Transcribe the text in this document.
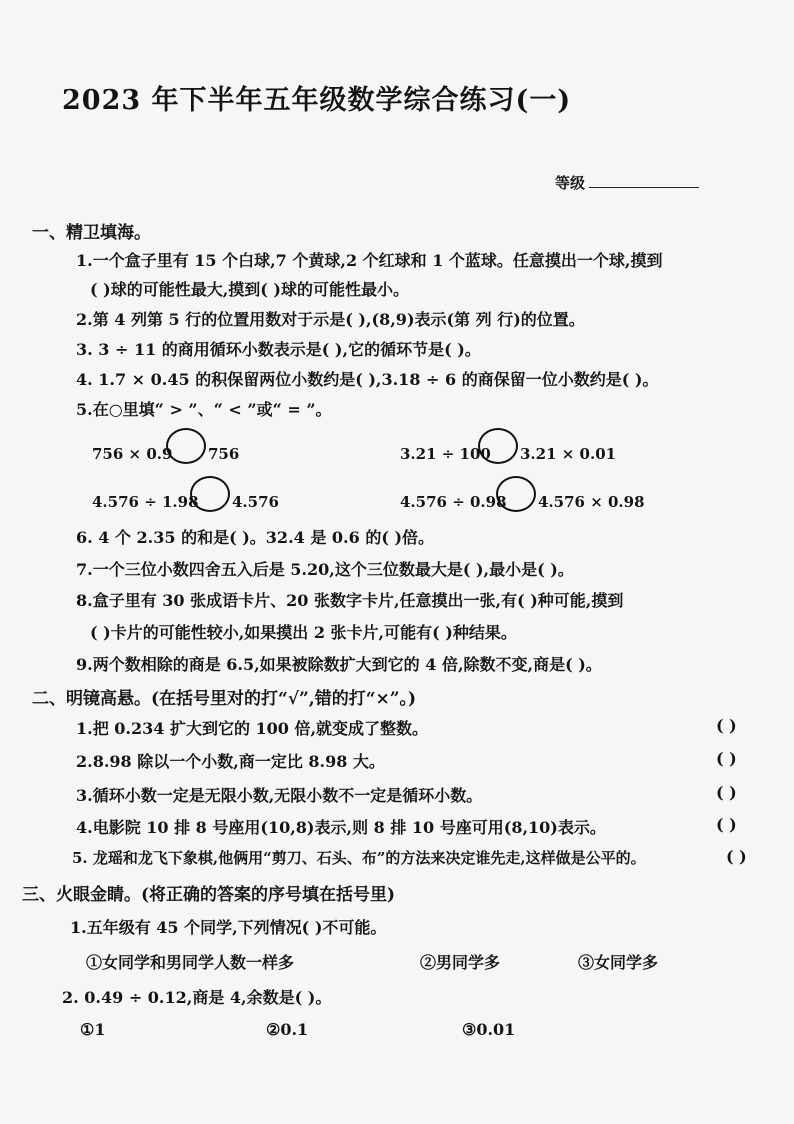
2023 年下半年五年级数学综合练习(一)
等级
一、精卫填海。
1.一个盒子里有 15 个白球,7 个黄球,2 个红球和 1 个蓝球。任意摸出一个球,摸到
( )球的可能性最大,摸到( )球的可能性最小。
2.第 4 列第 5 行的位置用数对于示是( ),(8,9)表示(第 列 行)的位置。
3. 3 ÷ 11 的商用循环小数表示是( ),它的循环节是( )。
4. 1.7 × 0.45 的积保留两位小数约是( ),3.18 ÷ 6 的商保留一位小数约是( )。
5.在○里填“ > ”、“ < ”或“ = ”。
756 × 0.9 756	3.21 ÷ 100 3.21 × 0.01
4.576 ÷ 1.98 4.576	4.576 ÷ 0.98 4.576 × 0.98
6. 4 个 2.35 的和是( )。32.4 是 0.6 的( )倍。
7.一个三位小数四舍五入后是 5.20,这个三位数最大是( ),最小是( )。
8.盒子里有 30 张成语卡片、20 张数字卡片,任意摸出一张,有( )种可能,摸到
( )卡片的可能性较小,如果摸出 2 张卡片,可能有( )种结果。
9.两个数相除的商是 6.5,如果被除数扩大到它的 4 倍,除数不变,商是( )。
二、明镜高悬。(在括号里对的打“√”,错的打“×”。)
1.把 0.234 扩大到它的 100 倍,就变成了整数。	( )
2.8.98 除以一个小数,商一定比 8.98 大。	( )
3.循环小数一定是无限小数,无限小数不一定是循环小数。	( )
4.电影院 10 排 8 号座用(10,8)表示,则 8 排 10 号座可用(8,10)表示。	( )
5. 龙瑶和龙飞下象棋,他俩用“剪刀、石头、布”的方法来决定谁先走,这样做是公平的。	( )
三、火眼金睛。(将正确的答案的序号填在括号里)
1.五年级有 45 个同学,下列情况( )不可能。
①女同学和男同学人数一样多	②男同学多	③女同学多
2. 0.49 ÷ 0.12,商是 4,余数是( )。
①1	②0.1	③0.01
